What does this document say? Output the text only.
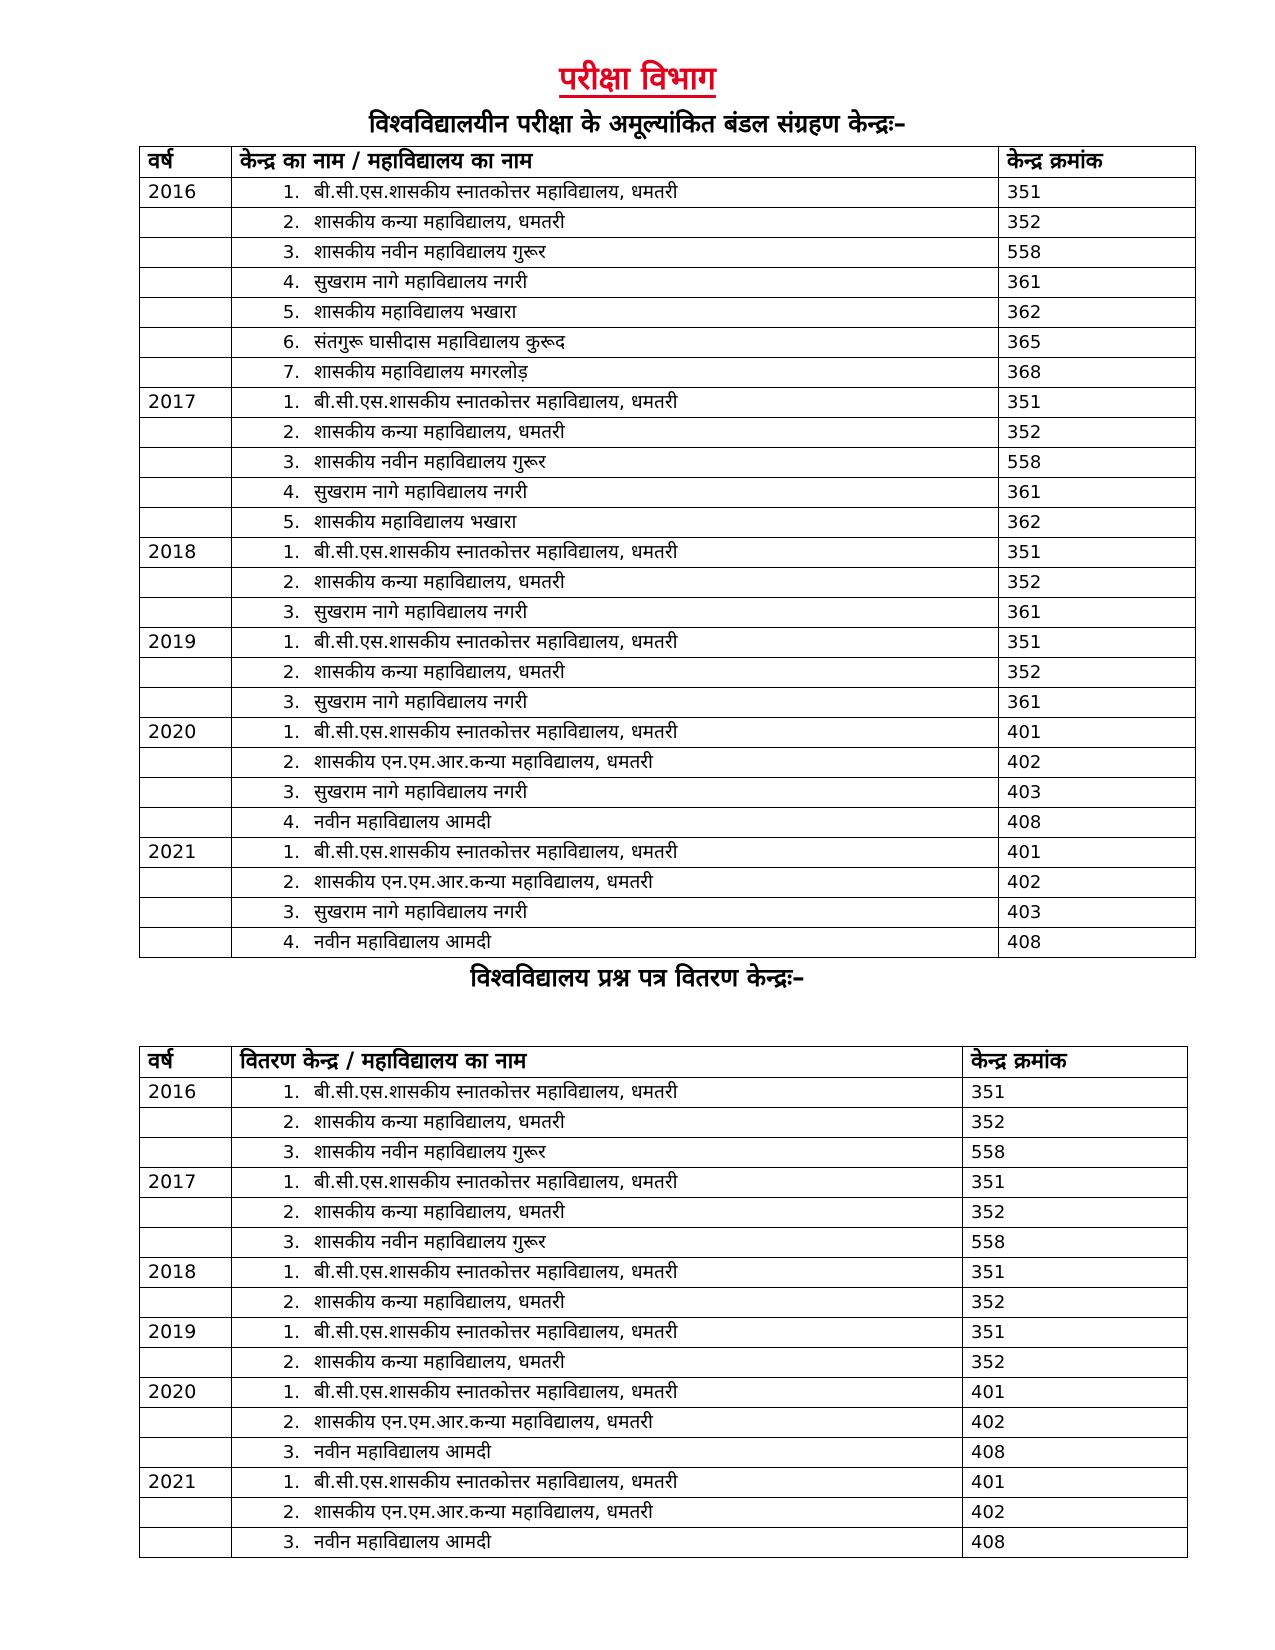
परीक्षा विभाग
विश्वविद्यालयीन परीक्षा के अमूल्यांकित बंडल संग्रहण केन्द्रः–
वर्ष	केन्द्र का नाम / महाविद्यालय का नाम	केन्द्र क्रमांक
2016	1. बी.सी.एस.शासकीय स्नातकोत्तर महाविद्यालय, धमतरी	351
	2. शासकीय कन्या महाविद्यालय, धमतरी	352
	3. शासकीय नवीन महाविद्यालय गुरूर	558
	4. सुखराम नागे महाविद्यालय नगरी	361
	5. शासकीय महाविद्यालय भखारा	362
	6. संतगुरू घासीदास महाविद्यालय कुरूद	365
	7. शासकीय महाविद्यालय मगरलोड़	368
2017	1. बी.सी.एस.शासकीय स्नातकोत्तर महाविद्यालय, धमतरी	351
	2. शासकीय कन्या महाविद्यालय, धमतरी	352
	3. शासकीय नवीन महाविद्यालय गुरूर	558
	4. सुखराम नागे महाविद्यालय नगरी	361
	5. शासकीय महाविद्यालय भखारा	362
2018	1. बी.सी.एस.शासकीय स्नातकोत्तर महाविद्यालय, धमतरी	351
	2. शासकीय कन्या महाविद्यालय, धमतरी	352
	3. सुखराम नागे महाविद्यालय नगरी	361
2019	1. बी.सी.एस.शासकीय स्नातकोत्तर महाविद्यालय, धमतरी	351
	2. शासकीय कन्या महाविद्यालय, धमतरी	352
	3. सुखराम नागे महाविद्यालय नगरी	361
2020	1. बी.सी.एस.शासकीय स्नातकोत्तर महाविद्यालय, धमतरी	401
	2. शासकीय एन.एम.आर.कन्या महाविद्यालय, धमतरी	402
	3. सुखराम नागे महाविद्यालय नगरी	403
	4. नवीन महाविद्यालय आमदी	408
2021	1. बी.सी.एस.शासकीय स्नातकोत्तर महाविद्यालय, धमतरी	401
	2. शासकीय एन.एम.आर.कन्या महाविद्यालय, धमतरी	402
	3. सुखराम नागे महाविद्यालय नगरी	403
	4. नवीन महाविद्यालय आमदी	408
विश्वविद्यालय प्रश्न पत्र वितरण केन्द्रः–
वर्ष	वितरण केन्द्र / महाविद्यालय का नाम	केन्द्र क्रमांक
2016	1. बी.सी.एस.शासकीय स्नातकोत्तर महाविद्यालय, धमतरी	351
	2. शासकीय कन्या महाविद्यालय, धमतरी	352
	3. शासकीय नवीन महाविद्यालय गुरूर	558
2017	1. बी.सी.एस.शासकीय स्नातकोत्तर महाविद्यालय, धमतरी	351
	2. शासकीय कन्या महाविद्यालय, धमतरी	352
	3. शासकीय नवीन महाविद्यालय गुरूर	558
2018	1. बी.सी.एस.शासकीय स्नातकोत्तर महाविद्यालय, धमतरी	351
	2. शासकीय कन्या महाविद्यालय, धमतरी	352
2019	1. बी.सी.एस.शासकीय स्नातकोत्तर महाविद्यालय, धमतरी	351
	2. शासकीय कन्या महाविद्यालय, धमतरी	352
2020	1. बी.सी.एस.शासकीय स्नातकोत्तर महाविद्यालय, धमतरी	401
	2. शासकीय एन.एम.आर.कन्या महाविद्यालय, धमतरी	402
	3. नवीन महाविद्यालय आमदी	408
2021	1. बी.सी.एस.शासकीय स्नातकोत्तर महाविद्यालय, धमतरी	401
	2. शासकीय एन.एम.आर.कन्या महाविद्यालय, धमतरी	402
	3. नवीन महाविद्यालय आमदी	408
